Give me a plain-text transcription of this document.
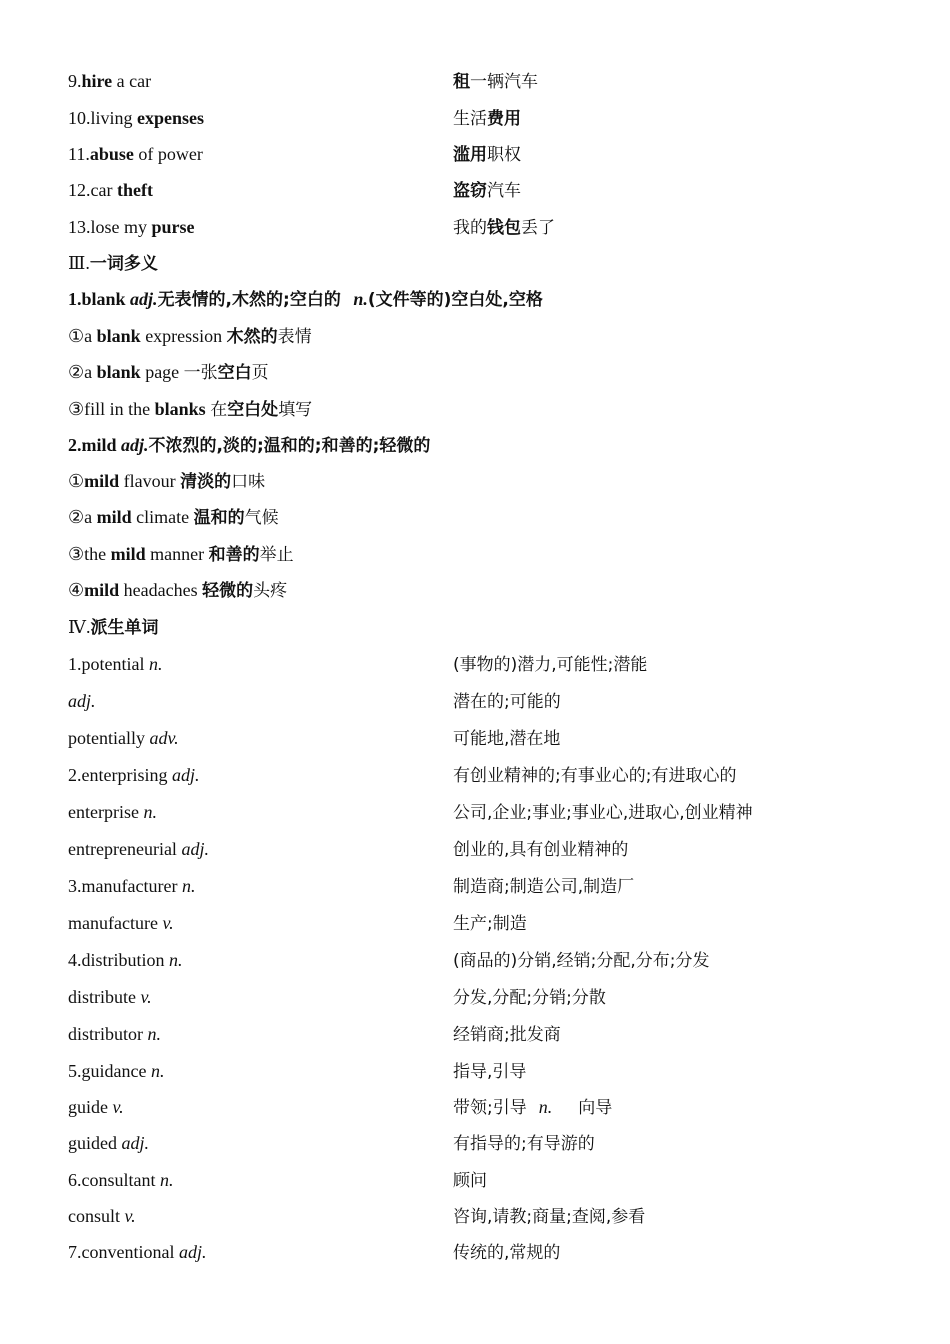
9.hire a car	租一辆汽车
10.living expenses	生活费用
11.abuse of power	滥用职权
12.car theft	盗窃汽车
13.lose my purse	我的钱包丢了
Ⅲ.一词多义
1.blank adj.无表情的,木然的;空白的 n.(文件等的)空白处,空格
①a blank expression 木然的表情
②a blank page 一张空白页
③fill in the blanks 在空白处填写
2.mild adj.不浓烈的,淡的;温和的;和善的;轻微的
①mild flavour 清淡的口味
②a mild climate 温和的气候
③the mild manner 和善的举止
④mild headaches 轻微的头疼
Ⅳ.派生单词
1.potential n.	(事物的)潜力,可能性;潜能
adj.	潜在的;可能的
potentially adv.	可能地,潜在地
2.enterprising adj.	有创业精神的;有事业心的;有进取心的
enterprise n.	公司,企业;事业;事业心,进取心,创业精神
entrepreneurial adj.	创业的,具有创业精神的
3.manufacturer n.	制造商;制造公司,制造厂
manufacture v.	生产;制造
4.distribution n.	(商品的)分销,经销;分配,分布;分发
distribute v.	分发,分配;分销;分散
distributor n.	经销商;批发商
5.guidance n.	指导,引导
guide v.	带领;引导 n. 向导
guided adj.	有指导的;有导游的
6.consultant n.	顾问
consult v.	咨询,请教;商量;查阅,参看
7.conventional adj.	传统的,常规的
